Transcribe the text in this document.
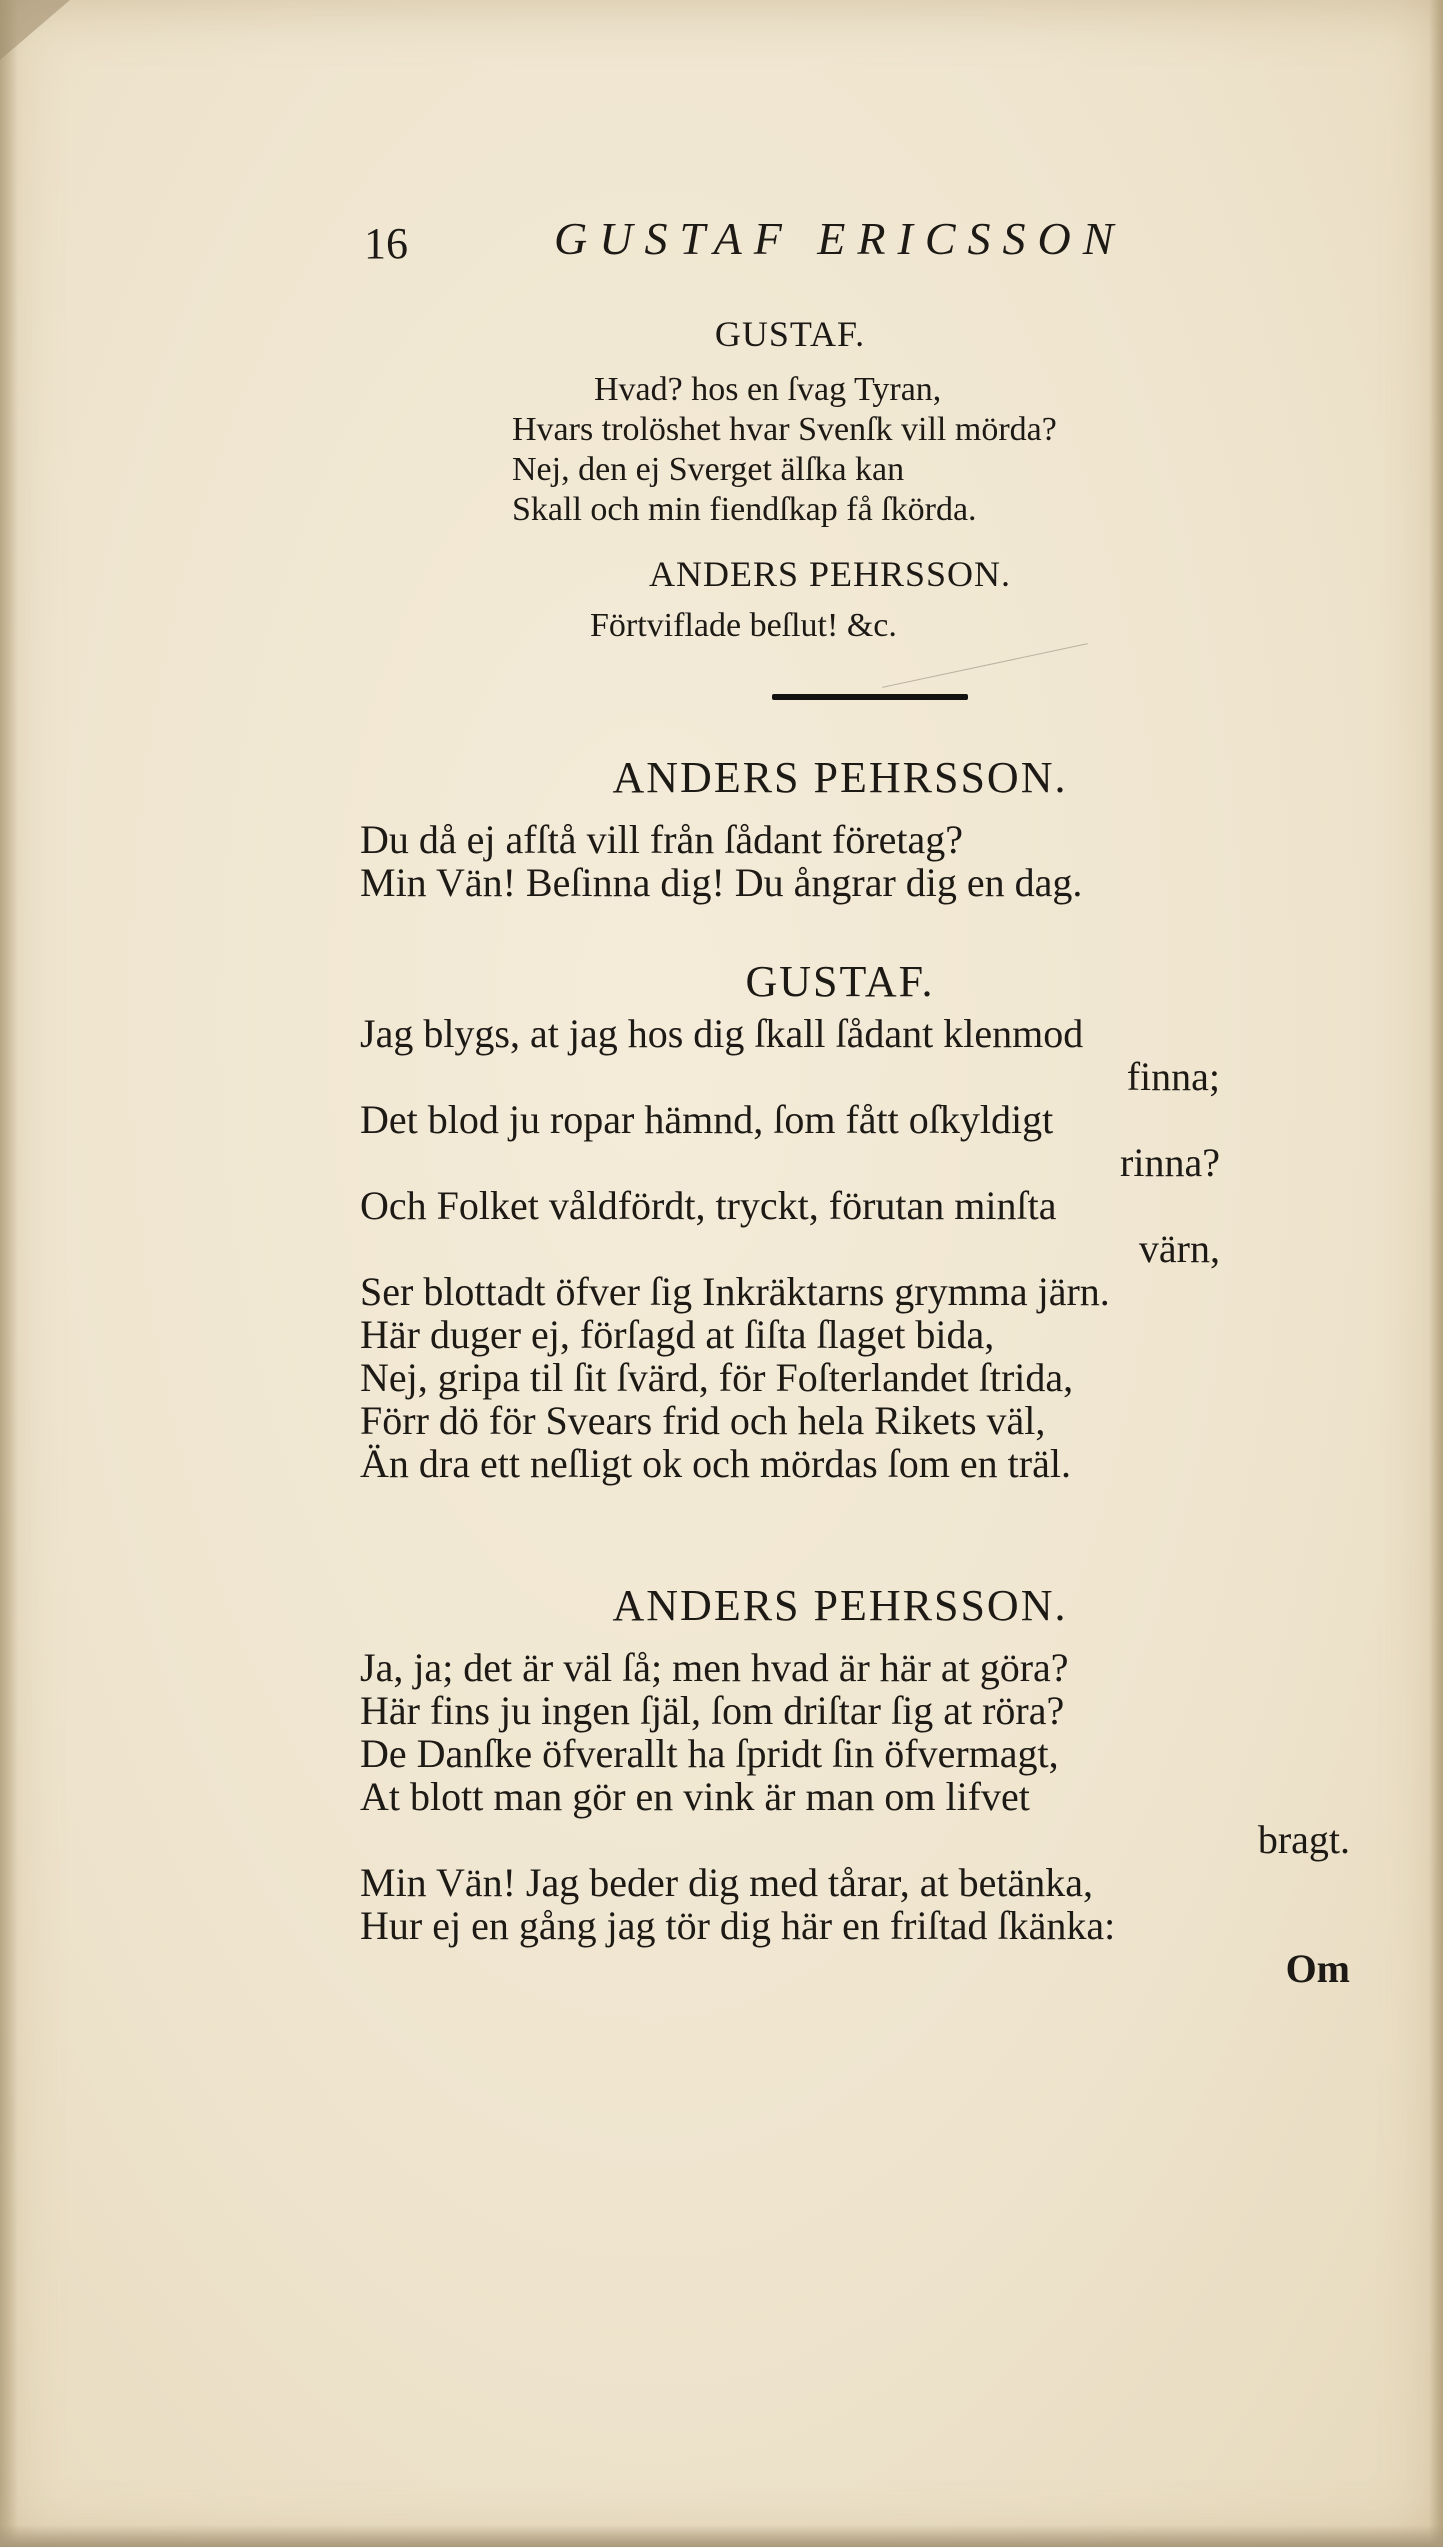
16	GUSTAF ERICSSON
GUSTAF.
Hvad? hos en ſvag Tyran,
Hvars trolöshet hvar Svenſk vill mörda?
Nej, den ej Sverget älſka kan
Skall och min fiendſkap få ſkörda.
ANDERS PEHRSSON.
Förtviflade beſlut! &c.
ANDERS PEHRSSON.
Du då ej afſtå vill från ſådant företag?
Min Vän! Beſinna dig! Du ångrar dig en dag.
GUSTAF.
Jag blygs, at jag hos dig ſkall ſådant klenmod
finna;
Det blod ju ropar hämnd, ſom fått oſkyldigt
rinna?
Och Folket våldfördt, tryckt, förutan minſta
värn,
Ser blottadt öfver ſig Inkräktarns grymma järn.
Här duger ej, förſagd at ſiſta ſlaget bida,
Nej, gripa til ſit ſvärd, för Foſterlandet ſtrida,
Förr dö för Svears frid och hela Rikets väl,
Än dra ett neſligt ok och mördas ſom en träl.
ANDERS PEHRSSON.
Ja, ja; det är väl ſå; men hvad är här at göra?
Här fins ju ingen ſjäl, ſom driſtar ſig at röra?
De Danſke öfverallt ha ſpridt ſin öfvermagt,
At blott man gör en vink är man om lifvet
bragt.
Min Vän! Jag beder dig med tårar, at betänka,
Hur ej en gång jag tör dig här en friſtad ſkänka:
Om
